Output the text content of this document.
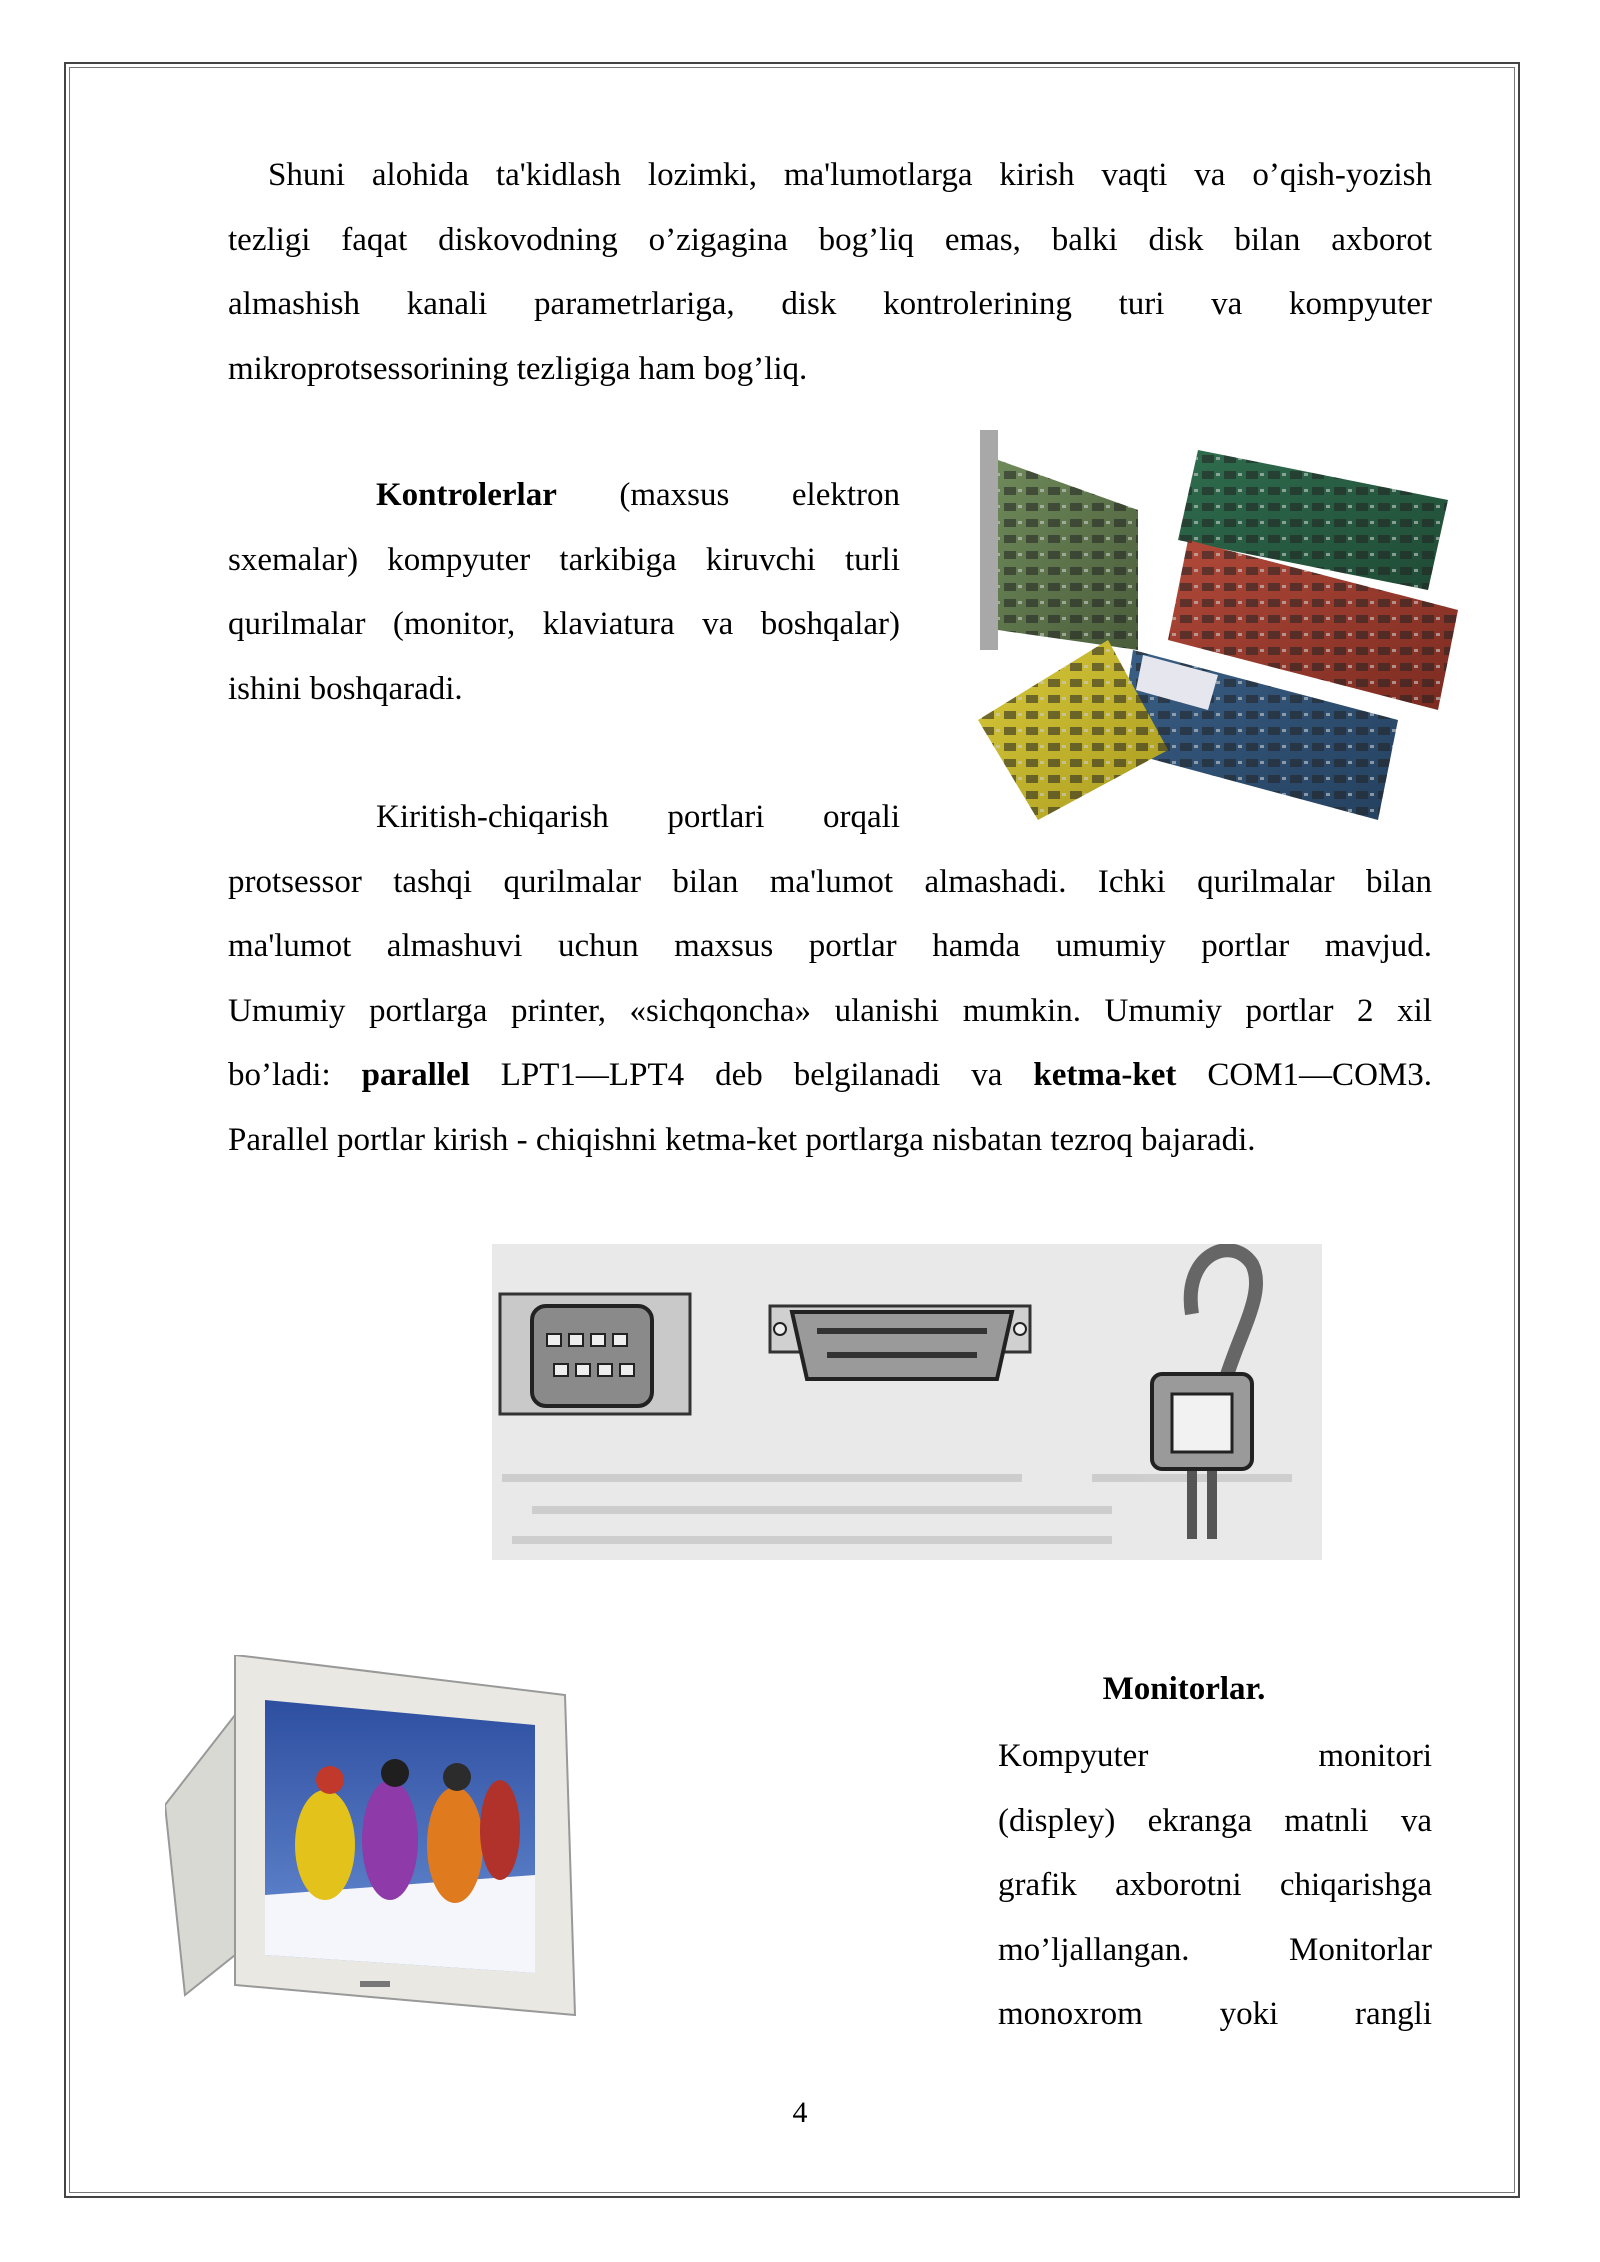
Shuni alohida ta'kidlash lozimki, ma'lumotlarga kirish vaqti va o’qish-yozish
tezligi faqat diskovodning o’zigagina bog’liq emas, balki disk bilan axborot
almashish kanali parametrlariga, disk kontrolerining turi va kompyuter
mikroprotsessorining tezligiga ham bog’liq.
Kontrolerlar (maxsus elektron
sxemalar) kompyuter tarkibiga kiruvchi turli
qurilmalar (monitor, klaviatura va boshqalar)
ishini boshqaradi.
Kiritish-chiqarish portlari orqali
protsessor tashqi qurilmalar bilan ma'lumot almashadi. Ichki qurilmalar bilan
ma'lumot almashuvi uchun maxsus portlar hamda umumiy portlar mavjud.
Umumiy portlarga printer, «sichqoncha» ulanishi mumkin. Umumiy portlar 2 xil
bo’ladi: parallel LPT1—LPT4 deb belgilanadi va ketma-ket COM1—COM3.
Parallel portlar kirish - chiqishni ketma-ket portlarga nisbatan tezroq bajaradi.
Monitorlar.
Kompyuter monitori
(displey) ekranga matnli va
grafik axborotni chiqarishga
mo’ljallangan. Monitorlar
monoxrom yoki rangli
4
